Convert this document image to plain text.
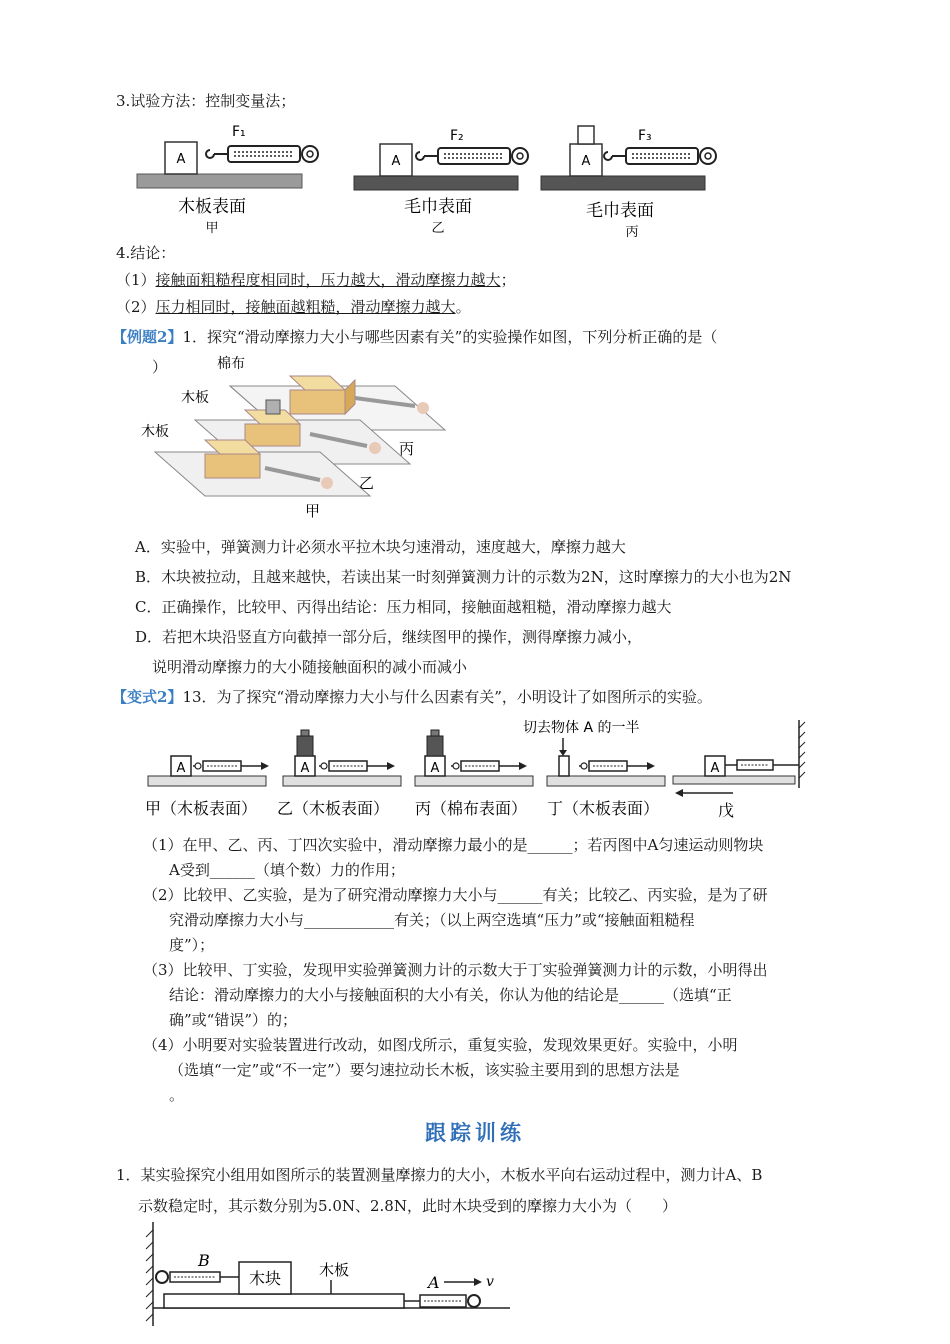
3.试验方法：控制变量法；
A
F₁
木板表面
甲
A
F₂
毛巾表面
乙
A
F₃
毛巾表面
丙
4.结论：
（1）接触面粗糙程度相同时，压力越大，滑动摩擦力越大；
（2）压力相同时，接触面越粗糙，滑动摩擦力越大。
【例题2】1．探究“滑动摩擦力大小与哪些因素有关”的实验操作如图，下列分析正确的是（
）	棉布
木板
木板
丙
乙
甲
A．实验中，弹簧测力计必须水平拉木块匀速滑动，速度越大，摩擦力越大
B．木块被拉动，且越来越快，若读出某一时刻弹簧测力计的示数为2N，这时摩擦力的大小也为2N
C．正确操作，比较甲、丙得出结论：压力相同，接触面越粗糙，滑动摩擦力越大
D．若把木块沿竖直方向截掉一部分后，继续图甲的操作，测得摩擦力减小，
说明滑动摩擦力的大小随接触面积的减小而减小
【变式2】13．为了探究“滑动摩擦力大小与什么因素有关”，小明设计了如图所示的实验。
A	A	A
切去物体 A 的一半
A
甲（木板表面） 乙（木板表面） 丙（棉布表面） 丁（木板表面）	戊
（1）在甲、乙、丙、丁四次实验中，滑动摩擦力最小的是______；若丙图中A匀速运动则物块
A受到______（填个数）力的作用；
（2）比较甲、乙实验，是为了研究滑动摩擦力大小与______有关；比较乙、丙实验，是为了研
究滑动摩擦力大小与____________有关；（以上两空选填“压力”或“接触面粗糙程
度”）；
（3）比较甲、丁实验，发现甲实验弹簧测力计的示数大于丁实验弹簧测力计的示数，小明得出
结论：滑动摩擦力的大小与接触面积的大小有关，你认为他的结论是______（选填“正
确”或“错误”）的；
（4）小明要对实验装置进行改动，如图戊所示，重复实验，发现效果更好。实验中，小明
（选填“一定”或“不一定”）要匀速拉动长木板，该实验主要用到的思想方法是
。
跟踪训练
1．某实验探究小组用如图所示的装置测量摩擦力的大小，木板水平向右运动过程中，测力计A、B
示数稳定时，其示数分别为5.0N、2.8N，此时木块受到的摩擦力大小为（　　）
木块
B	木板
A	v
